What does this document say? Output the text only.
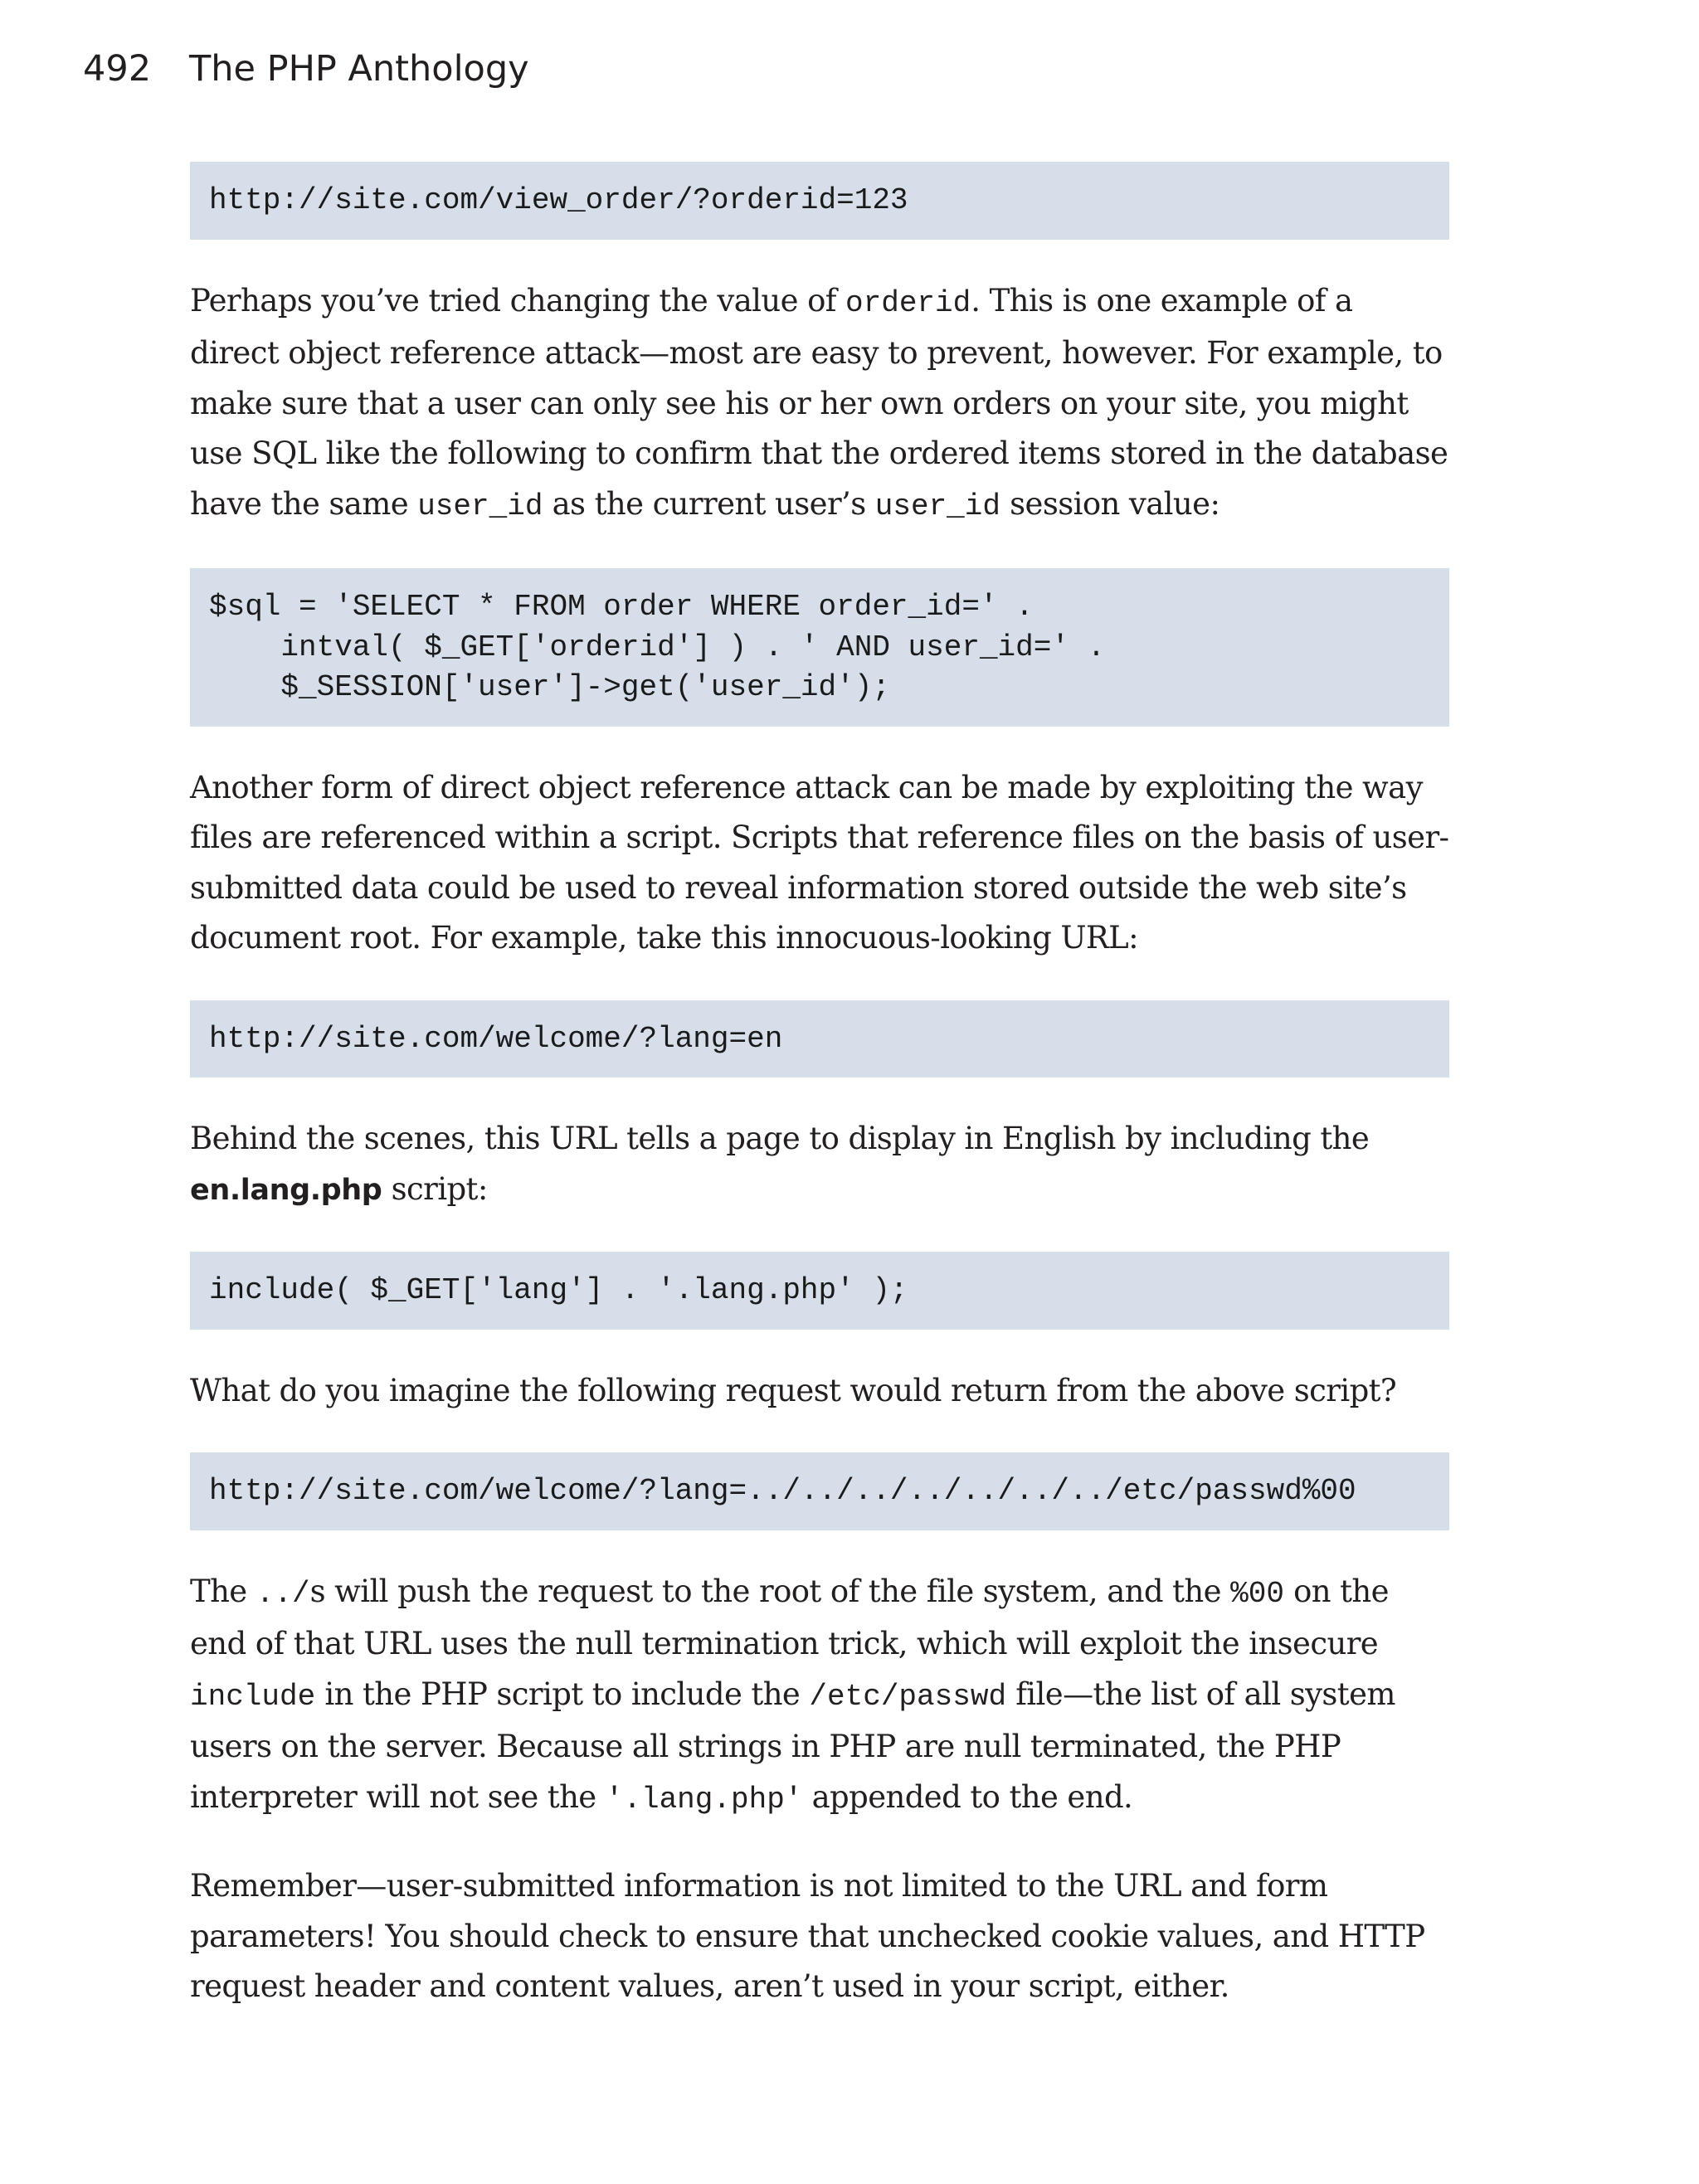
492 The PHP Anthology
http://site.com/view_order/?orderid=123

Perhaps you’ve tried changing the value of orderid. This is one example of a direct object reference attack—most are easy to prevent, however. For example, to make sure that a user can only see his or her own orders on your site, you might use SQL like the following to confirm that the ordered items stored in the database have the same user_id as the current user’s user_id session value:

$sql = 'SELECT * FROM order WHERE order_id=' .
intval( $_GET['orderid'] ) . ' AND user_id=' .
$_SESSION['user']->get('user_id');

Another form of direct object reference attack can be made by exploiting the way files are referenced within a script. Scripts that reference files on the basis of user-submitted data could be used to reveal information stored outside the web site’s document root. For example, take this innocuous-looking URL:

http://site.com/welcome/?lang=en

Behind the scenes, this URL tells a page to display in English by including the en.lang.php script:

include( $_GET['lang'] . '.lang.php' );

What do you imagine the following request would return from the above script?

http://site.com/welcome/?lang=../../../../../../../etc/passwd%00

The ../s will push the request to the root of the file system, and the %00 on the end of that URL uses the null termination trick, which will exploit the insecure include in the PHP script to include the /etc/passwd file—the list of all system users on the server. Because all strings in PHP are null terminated, the PHP interpreter will not see the '.lang.php' appended to the end.

Remember—user-submitted information is not limited to the URL and form parameters! You should check to ensure that unchecked cookie values, and HTTP request header and content values, aren’t used in your script, either.
